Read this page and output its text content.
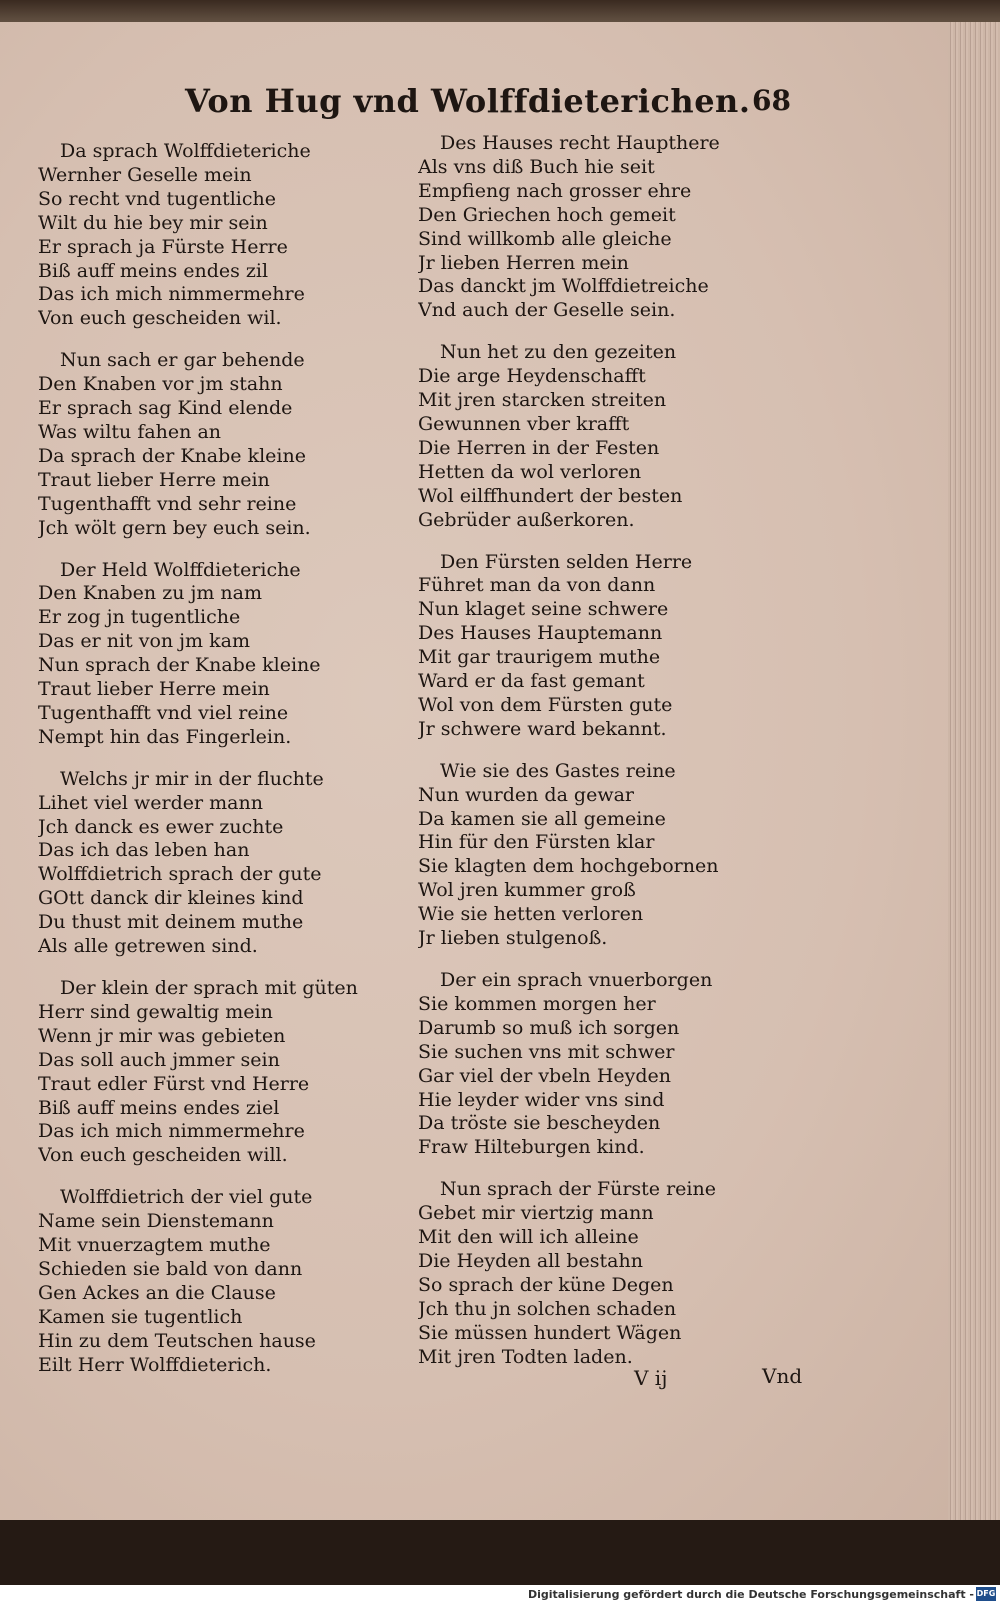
Von Hug vnd Wolffdieterichen. 68
Da sprach Wolffdieteriche
Wernher Geselle mein
So recht vnd tugentliche
Wilt du hie bey mir sein
Er sprach ja Fürste Herre
Biß auff meins endes zil
Das ich mich nimmermehre
Von euch gescheiden wil.
Nun sach er gar behende
Den Knaben vor jm stahn
Er sprach sag Kind elende
Was wiltu fahen an
Da sprach der Knabe kleine
Traut lieber Herre mein
Tugenthafft vnd sehr reine
Jch wölt gern bey euch sein.
Der Held Wolffdieteriche
Den Knaben zu jm nam
Er zog jn tugentliche
Das er nit von jm kam
Nun sprach der Knabe kleine
Traut lieber Herre mein
Tugenthafft vnd viel reine
Nempt hin das Fingerlein.
Welchs jr mir in der fluchte
Lihet viel werder mann
Jch danck es ewer zuchte
Das ich das leben han
Wolffdietrich sprach der gute
GOtt danck dir kleines kind
Du thust mit deinem muthe
Als alle getrewen sind.
Der klein der sprach mit güten
Herr sind gewaltig mein
Wenn jr mir was gebieten
Das soll auch jmmer sein
Traut edler Fürst vnd Herre
Biß auff meins endes ziel
Das ich mich nimmermehre
Von euch gescheiden will.
Wolffdietrich der viel gute
Name sein Dienstemann
Mit vnuerzagtem muthe
Schieden sie bald von dann
Gen Ackes an die Clause
Kamen sie tugentlich
Hin zu dem Teutschen hause
Eilt Herr Wolffdieterich.
Des Hauses recht Haupthere
Als vns diß Buch hie seit
Empfieng nach grosser ehre
Den Griechen hoch gemeit
Sind willkomb alle gleiche
Jr lieben Herren mein
Das danckt jm Wolffdietreiche
Vnd auch der Geselle sein.
Nun het zu den gezeiten
Die arge Heydenschafft
Mit jren starcken streiten
Gewunnen vber krafft
Die Herren in der Festen
Hetten da wol verloren
Wol eilffhundert der besten
Gebrüder außerkoren.
Den Fürsten selden Herre
Führet man da von dann
Nun klaget seine schwere
Des Hauses Hauptemann
Mit gar traurigem muthe
Ward er da fast gemant
Wol von dem Fürsten gute
Jr schwere ward bekannt.
Wie sie des Gastes reine
Nun wurden da gewar
Da kamen sie all gemeine
Hin für den Fürsten klar
Sie klagten dem hochgebornen
Wol jren kummer groß
Wie sie hetten verloren
Jr lieben stulgenoß.
Der ein sprach vnuerborgen
Sie kommen morgen her
Darumb so muß ich sorgen
Sie suchen vns mit schwer
Gar viel der vbeln Heyden
Hie leyder wider vns sind
Da tröste sie bescheyden
Fraw Hilteburgen kind.
Nun sprach der Fürste reine
Gebet mir viertzig mann
Mit den will ich alleine
Die Heyden all bestahn
So sprach der küne Degen
Jch thu jn solchen schaden
Sie müssen hundert Wägen
Mit jren Todten laden.
V ij	Vnd
Digitalisierung gefördert durch die Deutsche Forschungsgemeinschaft - DFG
